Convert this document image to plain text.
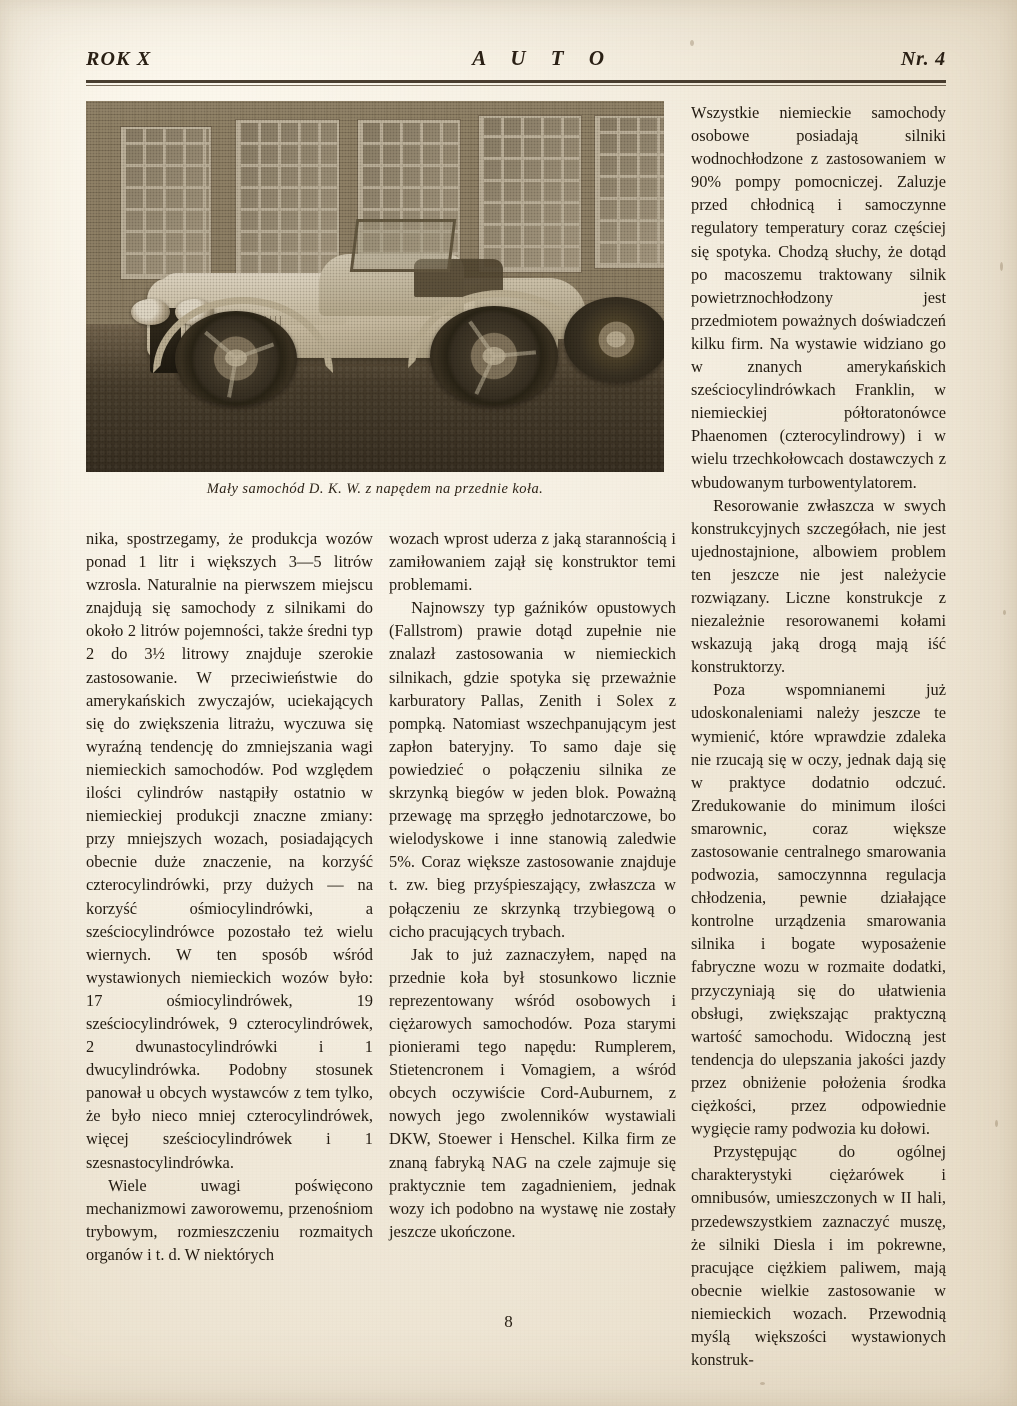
ROK X	A U T O	Nr. 4
Mały samochód D. K. W. z napędem na przednie koła.

nika, spostrzegamy, że produkcja wozów ponad 1 litr i większych 3—5 litrów wzrosla. Naturalnie na pierwszem miejscu znajdują się samochody z silnikami do około 2 litrów pojemności, także średni typ 2 do 3½ litrowy znajduje szerokie zastosowanie. W przeciwieństwie do amerykańskich zwyczajów, uciekających się do zwiększenia litrażu, wyczuwa się wyraźną tendencję do zmniejszania wagi niemieckich samochodów. Pod względem ilości cylindrów nastąpiły ostatnio w niemieckiej produkcji znaczne zmiany: przy mniejszych wozach, posiadających obecnie duże znaczenie, na korzyść czterocylindrówki, przy dużych — na korzyść ośmiocylindrówki, a sześciocylindrówce pozostało też wielu wiernych. W ten sposób wśród wystawionych niemieckich wozów było: 17 ośmiocylindrówek, 19 sześciocylindrówek, 9 czterocylindrówek, 2 dwunastocylindrówki i 1 dwucylindrówka. Podobny stosunek panował u obcych wystawców z tem tylko, że było nieco mniej czterocylindrówek, więcej sześciocylindrówek i 1 szesnastocylindrówka.

Wiele uwagi poświęcono mechanizmowi zaworowemu, przenośniom trybowym, rozmieszczeniu rozmaitych organów i t. d. W niektórych

wozach wprost uderza z jaką starannością i zamiłowaniem zajął się konstruktor temi problemami.

Najnowszy typ gaźników opustowych (Fallstrom) prawie dotąd zupełnie nie znalazł zastosowania w niemieckich silnikach, gdzie spotyka się przeważnie karburatory Pallas, Zenith i Solex z pompką. Natomiast wszechpanującym jest zapłon bateryjny. To samo daje się powiedzieć o połączeniu silnika ze skrzynką biegów w jeden blok. Poważną przewagę ma sprzęgło jednotarczowe, bo wielodyskowe i inne stanowią zaledwie 5%. Coraz większe zastosowanie znajduje t. zw. bieg przyśpieszający, zwłaszcza w połączeniu ze skrzynką trzybiegową o cicho pracujących trybach.

Jak to już zaznaczyłem, napęd na przednie koła był stosunkowo licznie reprezentowany wśród osobowych i ciężarowych samochodów. Poza starymi pionierami tego napędu: Rumplerem, Stietencronem i Vomagiem, a wśród obcych oczywiście Cord-Auburnem, z nowych jego zwolenników wystawiali DKW, Stoewer i Henschel. Kilka firm ze znaną fabryką NAG na czele zajmuje się praktycznie tem zagadnieniem, jednak wozy ich podobno na wystawę nie zostały jeszcze ukończone.

Wszystkie niemieckie samochody osobowe posiadają silniki wodnochłodzone z zastosowaniem w 90% pompy pomocniczej. Zaluzje przed chłodnicą i samoczynne regulatory temperatury coraz częściej się spotyka. Chodzą słuchy, że dotąd po macoszemu traktowany silnik powietrznochłodzony jest przedmiotem poważnych doświadczeń kilku firm. Na wystawie widziano go w znanych amerykańskich sześciocylindrówkach Franklin, w niemieckiej półtoratonówce Phaenomen (czterocylindrowy) i w wielu trzechkołowcach dostawczych z wbudowanym turbowentylatorem.

Resorowanie zwłaszcza w swych konstrukcyjnych szczegółach, nie jest ujednostajnione, albowiem problem ten jeszcze nie jest należycie rozwiązany. Liczne konstrukcje z niezależnie resorowanemi kołami wskazują jaką drogą mają iść konstruktorzy.

Poza wspomnianemi już udoskonaleniami należy jeszcze te wymienić, które wprawdzie zdaleka nie rzucają się w oczy, jednak dają się w praktyce dodatnio odczuć. Zredukowanie do minimum ilości smarownic, coraz większe zastosowanie centralnego smarowania podwozia, samoczynnna regulacja chłodzenia, pewnie działające kontrolne urządzenia smarowania silnika i bogate wyposażenie fabryczne wozu w rozmaite dodatki, przyczyniają się do ułatwienia obsługi, zwiększając praktyczną wartość samochodu. Widoczną jest tendencja do ulepszania jakości jazdy przez obniżenie położenia środka ciężkości, przez odpowiednie wygięcie ramy podwozia ku dołowi.

Przystępując do ogólnej charakterystyki ciężarówek i omnibusów, umieszczonych w II hali, przedewszystkiem zaznaczyć muszę, że silniki Diesla i im pokrewne, pracujące ciężkiem paliwem, mają obecnie wielkie zastosowanie w niemieckich wozach. Przewodnią myślą większości wystawionych konstruk-

8
